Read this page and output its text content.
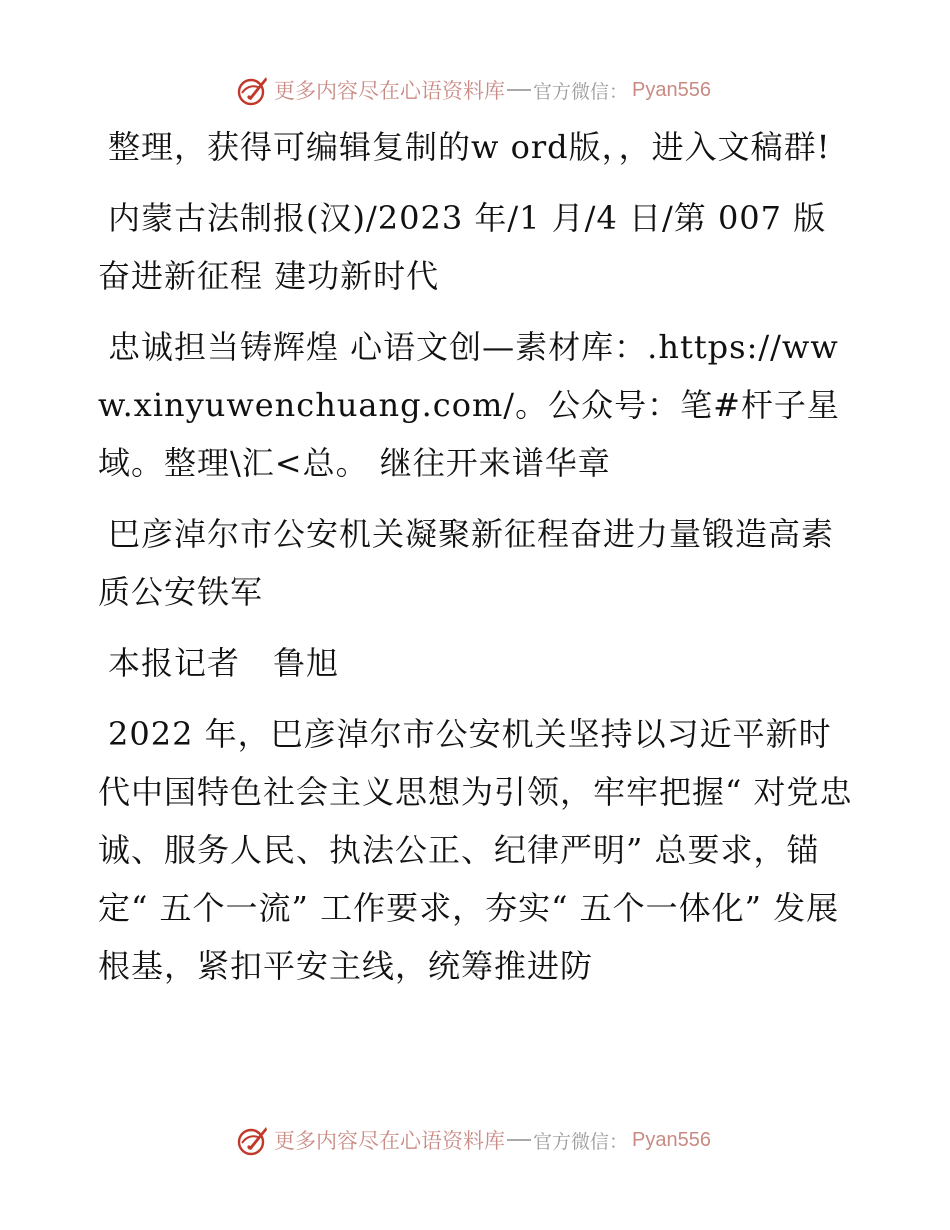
更多内容尽在心语资料库 官方微信： Pyan556

整理，获得可编辑复制的w ord版，，进入文稿群!

内蒙古法制报(汉)/2023 年/1 月/4 日/第 007 版奋进新征程 建功新时代

忠诚担当铸辉煌 心语文创—素材库：.https://www.xinyuwenchuang.com/。公众号：笔#杆子星域。整理\汇<总。 继往开来谱华章

巴彦淖尔市公安机关凝聚新征程奋进力量锻造高素质公安铁军

本报记者　鲁旭

2022 年，巴彦淖尔市公安机关坚持以习近平新时代中国特色社会主义思想为引领，牢牢把握“ 对党忠诚、服务人民、执法公正、纪律严明” 总要求，锚定“ 五个一流” 工作要求，夯实“ 五个一体化” 发展根基，紧扣平安主线，统筹推进防

更多内容尽在心语资料库 官方微信： Pyan556
